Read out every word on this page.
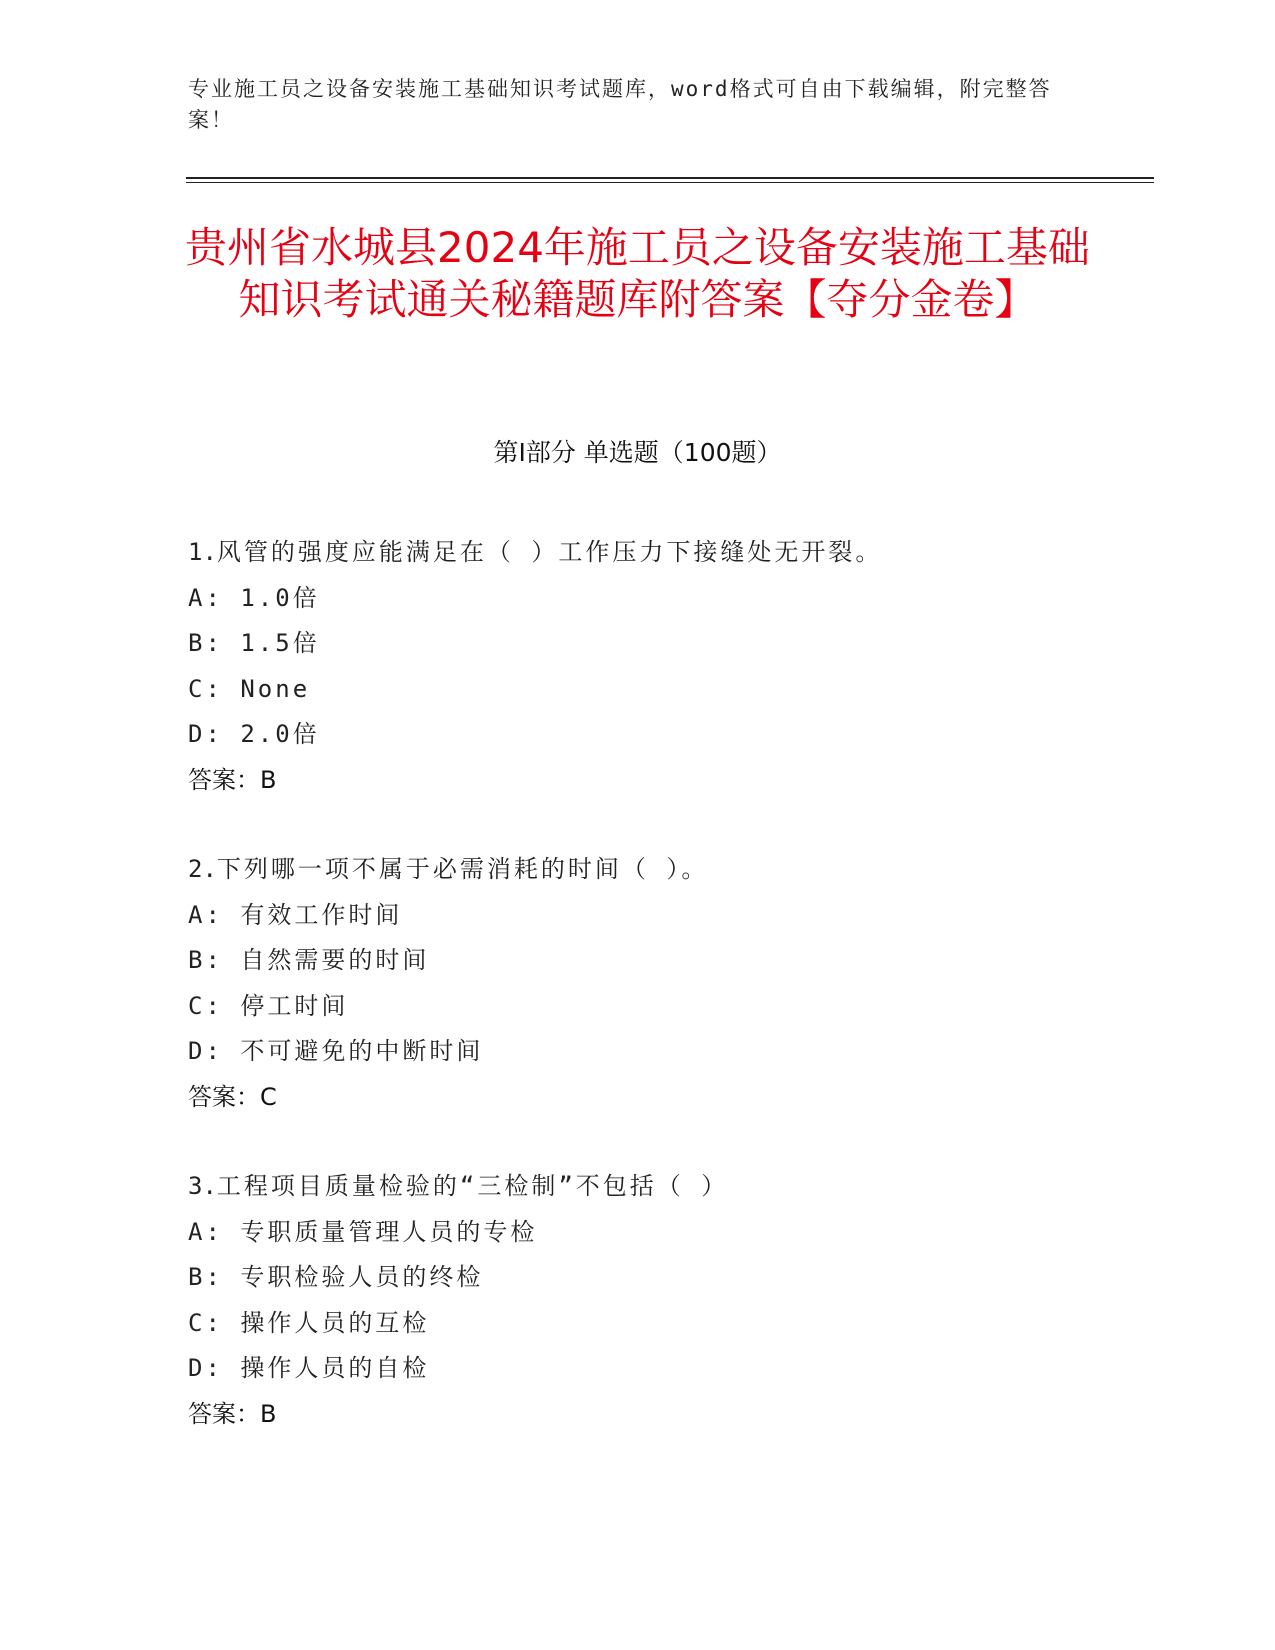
专业施工员之设备安装施工基础知识考试题库，word格式可自由下载编辑，附完整答案！
贵州省水城县2024年施工员之设备安装施工基础知识考试通关秘籍题库附答案【夺分金卷】
第Ⅰ部分 单选题（100题）
1.风管的强度应能满足在（ ）工作压力下接缝处无开裂。
A: 1.0倍
B: 1.5倍
C: None
D: 2.0倍
答案：B
2.下列哪一项不属于必需消耗的时间（ ）。
A: 有效工作时间
B: 自然需要的时间
C: 停工时间
D: 不可避免的中断时间
答案：C
3.工程项目质量检验的“三检制”不包括（ ）
A: 专职质量管理人员的专检
B: 专职检验人员的终检
C: 操作人员的互检
D: 操作人员的自检
答案：B
